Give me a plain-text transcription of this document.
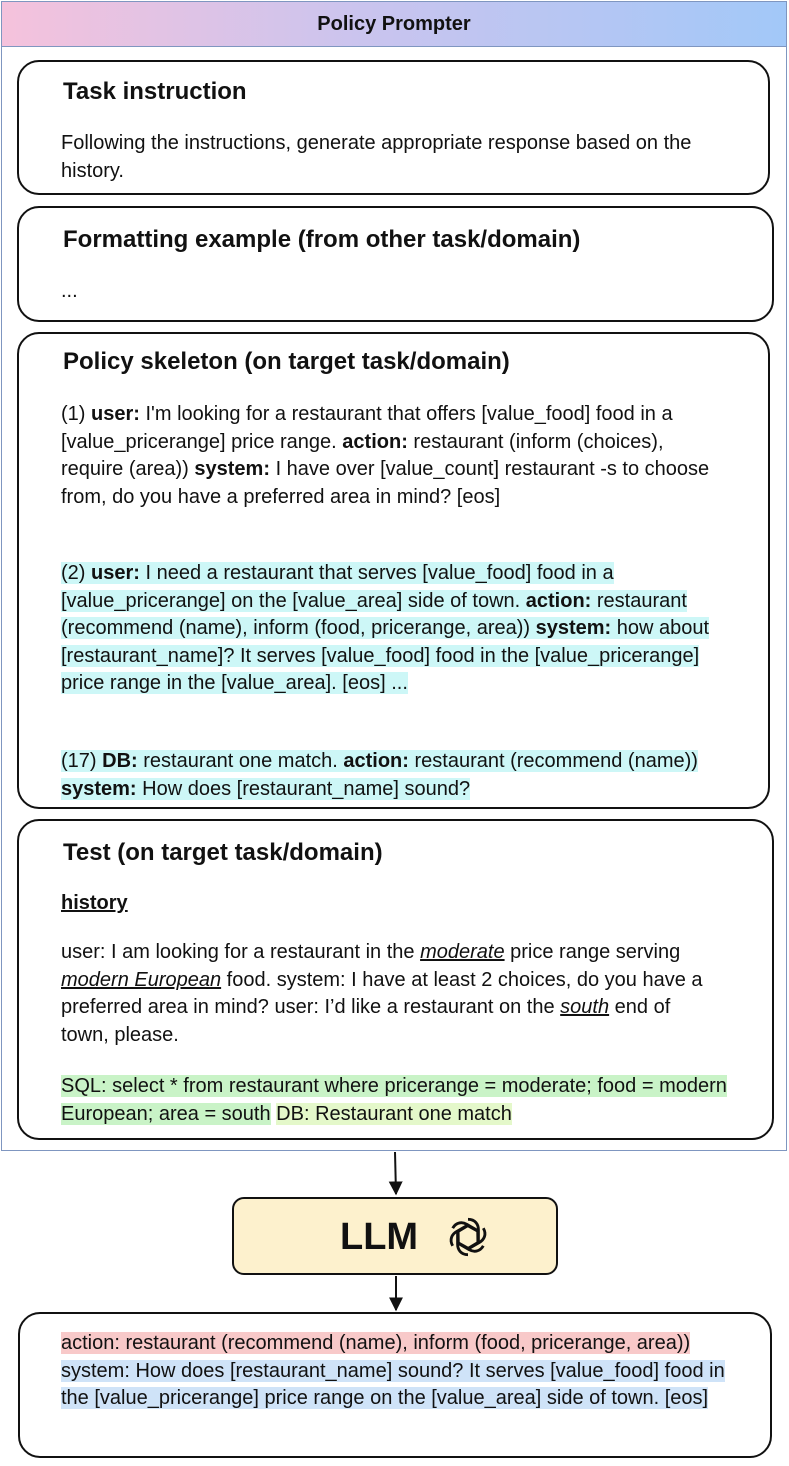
Policy Prompter
Task instruction
Following the instructions, generate appropriate response based on the history.
Formatting example (from other task/domain)
...
Policy skeleton (on target task/domain)
(1) user: I'm looking for a restaurant that offers [value_food] food in a [value_pricerange] price range. action: restaurant (inform (choices), require (area)) system: I have over [value_count] restaurant -s to choose from, do you have a preferred area in mind? [eos]
(2) user: I need a restaurant that serves [value_food] food in a [value_pricerange] on the [value_area] side of town. action: restaurant (recommend (name), inform (food, pricerange, area)) system: how about [restaurant_name]? It serves [value_food] food in the [value_pricerange] price range in the [value_area]. [eos] ...
(17) DB: restaurant one match. action: restaurant (recommend (name)) system: How does [restaurant_name] sound?
Test (on target task/domain)
history
user: I am looking for a restaurant in the moderate price range serving modern European food. system: I have at least 2 choices, do you have a preferred area in mind? user: I’d like a restaurant on the south end of town, please.
SQL: select * from restaurant where pricerange = moderate; food = modern European; area = south DB: Restaurant one match
LLM
action: restaurant (recommend (name), inform (food, pricerange, area)) system: How does [restaurant_name] sound? It serves [value_food] food in the [value_pricerange] price range on the [value_area] side of town. [eos]
